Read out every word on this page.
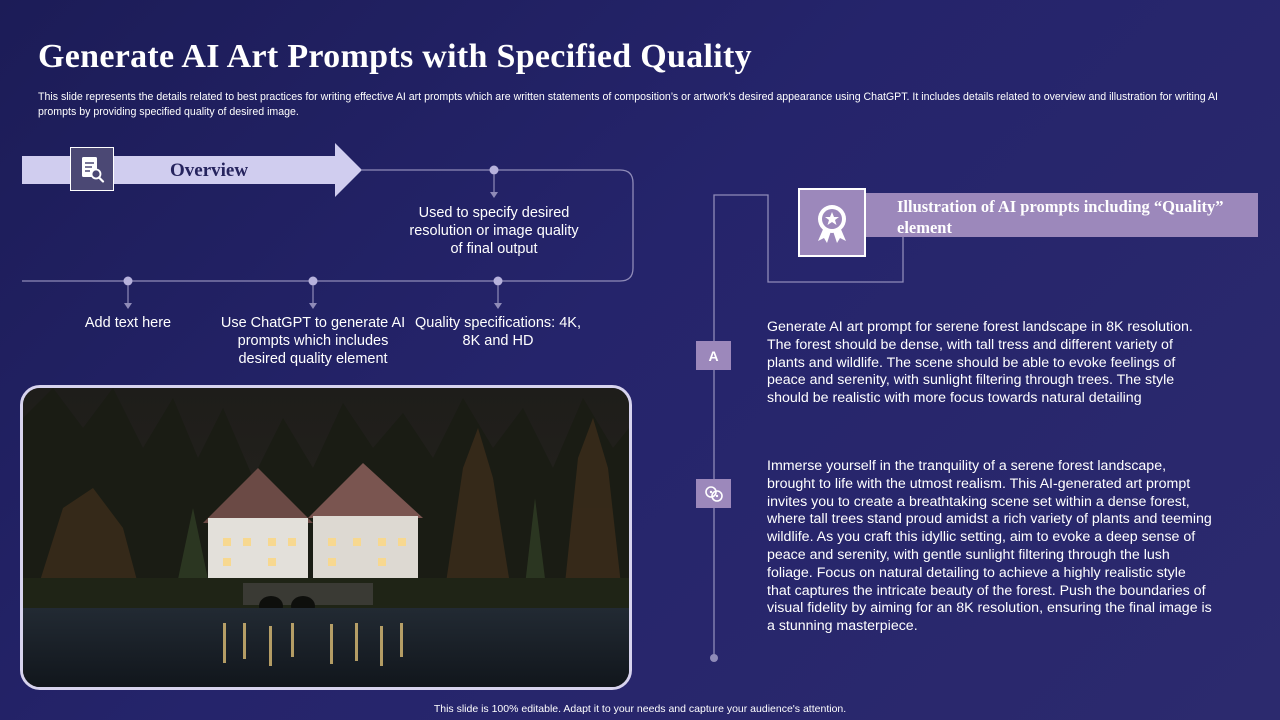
Generate AI Art Prompts with Specified Quality
This slide represents the details related to best practices for writing effective AI art prompts which are written statements of composition’s or artwork’s desired appearance using ChatGPT. It includes details related to overview and illustration for writing AI prompts by providing specified quality of desired image.
Overview
Used to specify desired resolution or image quality of final output
Add text here	Use ChatGPT to generate AI prompts which includes desired quality element
Quality specifications: 4K, 8K and HD
Illustration of AI prompts including “Quality” element
A
Generate AI art prompt for serene forest landscape in 8K resolution. The forest should be dense, with tall tress and different variety of plants and wildlife. The scene should be able to evoke feelings of peace and serenity, with sunlight filtering through trees. The style should be realistic with more focus towards natural detailing
Immerse yourself in the tranquility of a serene forest landscape, brought to life with the utmost realism. This AI-generated art prompt invites you to create a breathtaking scene set within a dense forest, where tall trees stand proud amidst a rich variety of plants and teeming wildlife. As you craft this idyllic setting, aim to evoke a deep sense of peace and serenity, with gentle sunlight filtering through the lush foliage. Focus on natural detailing to achieve a highly realistic style that captures the intricate beauty of the forest. Push the boundaries of visual fidelity by aiming for an 8K resolution, ensuring the final image is a stunning masterpiece.
This slide is 100% editable. Adapt it to your needs and capture your audience's attention.
